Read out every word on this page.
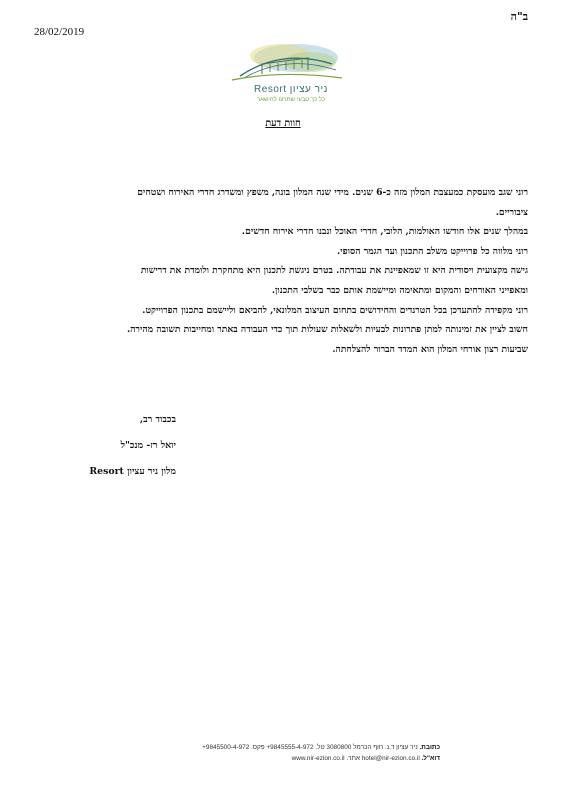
ב"ה
28/02/2019
Resort ניר עציון
כל כך טבעי שתרצו להישאר
חוות דעת

רוני שגב מועסקת כמעצבת המלון מזה כ-6 שנים. מידי שנה המלון בונה, משפץ ומשדרג חדרי האירוח ושטחים

ציבוריים.

במהלך שנים אלו חודשו האולמות, הלובי, חדרי האוכל ונבנו חדרי אירוח חדשים.

רוני מלווה כל פרוייקט משלב התכנון ועד הגמר הסופי.

גישה מקצועית ויסודית היא זו שמאפיינת את עבודתה. בטרם ניגשת לתכנון היא מתחקרת ולומדת את דרישות

ומאפייני האורחים והמקום ומתאימה ומיישמת אותם כבר בשלבי התכנון.

רוני מקפידה להתעדכן בכל הטרנדים והחידושים בתחום העיצוב המלונאי, להביאם וליישמם בתכנון הפרוייקט.

חשוב לציין את זמינותה למתן פתרונות לבעיות ולשאלות שעולות תוך כדי העבודה באתר ומחייבות תשובה מהירה.

שביעות רצון אורחי המלון הוא המדד הברור להצלחתה.

בכבוד רב,

יואל רז- מנכ"ל

מלון ניר עציון Resort

כתובת. ניר עציון ד.נ. חוף הכרמל 3080800 טל. 9845555-4-972+ פקס. 9845500-4-972+

דוא"ל. hotel@nir-ezion.co.il אתר. www.nir-ezion.co.il
